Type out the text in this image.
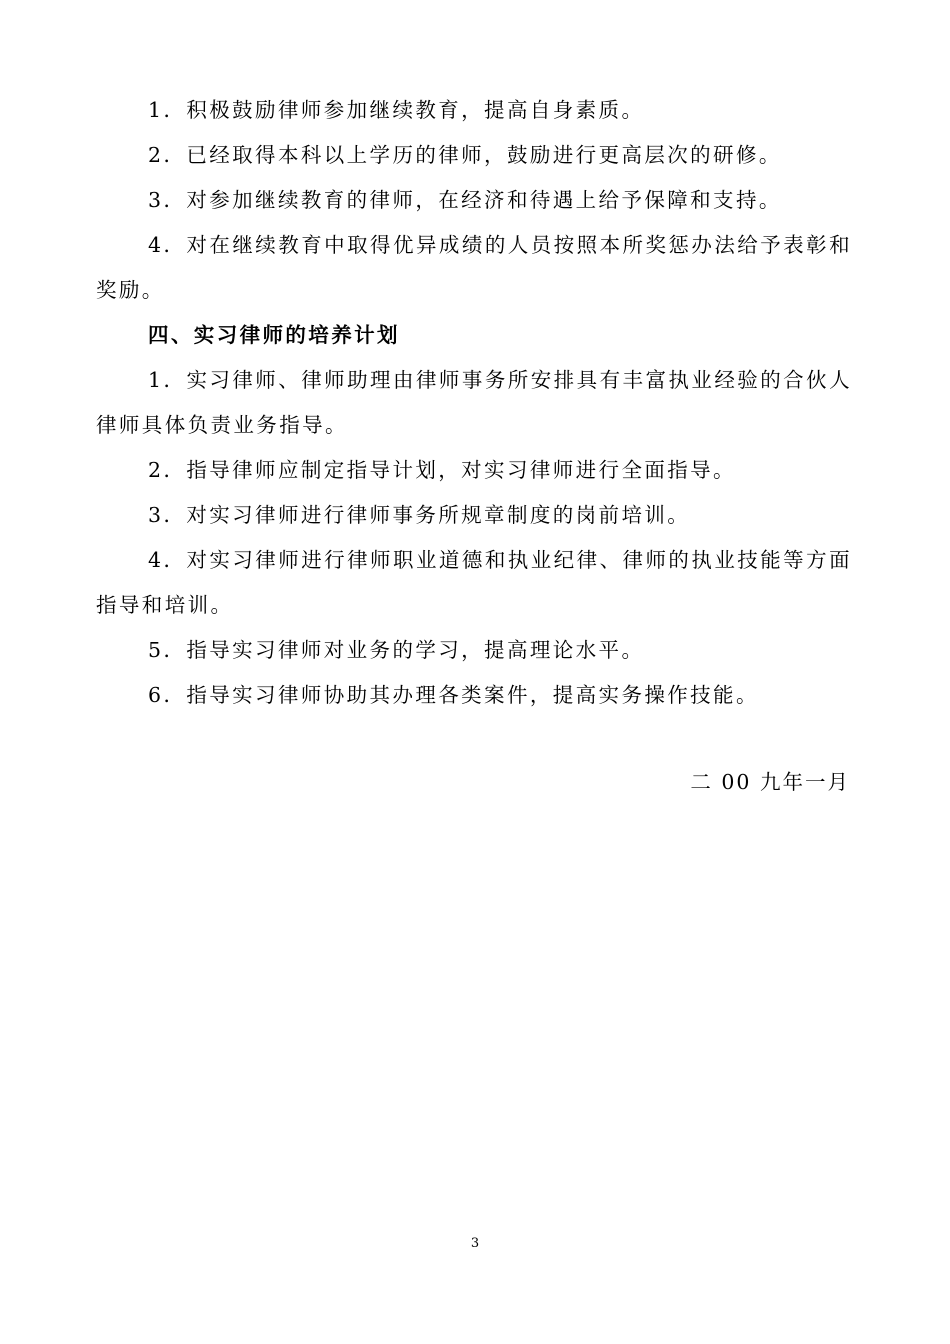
1．积极鼓励律师参加继续教育，提高自身素质。

2．已经取得本科以上学历的律师，鼓励进行更高层次的研修。

3．对参加继续教育的律师，在经济和待遇上给予保障和支持。

4．对在继续教育中取得优异成绩的人员按照本所奖惩办法给予表彰和奖励。

四、实习律师的培养计划

1．实习律师、律师助理由律师事务所安排具有丰富执业经验的合伙人律师具体负责业务指导。

2．指导律师应制定指导计划，对实习律师进行全面指导。

3．对实习律师进行律师事务所规章制度的岗前培训。

4．对实习律师进行律师职业道德和执业纪律、律师的执业技能等方面指导和培训。

5．指导实习律师对业务的学习，提高理论水平。

6．指导实习律师协助其办理各类案件，提高实务操作技能。

二 00 九年一月
3
